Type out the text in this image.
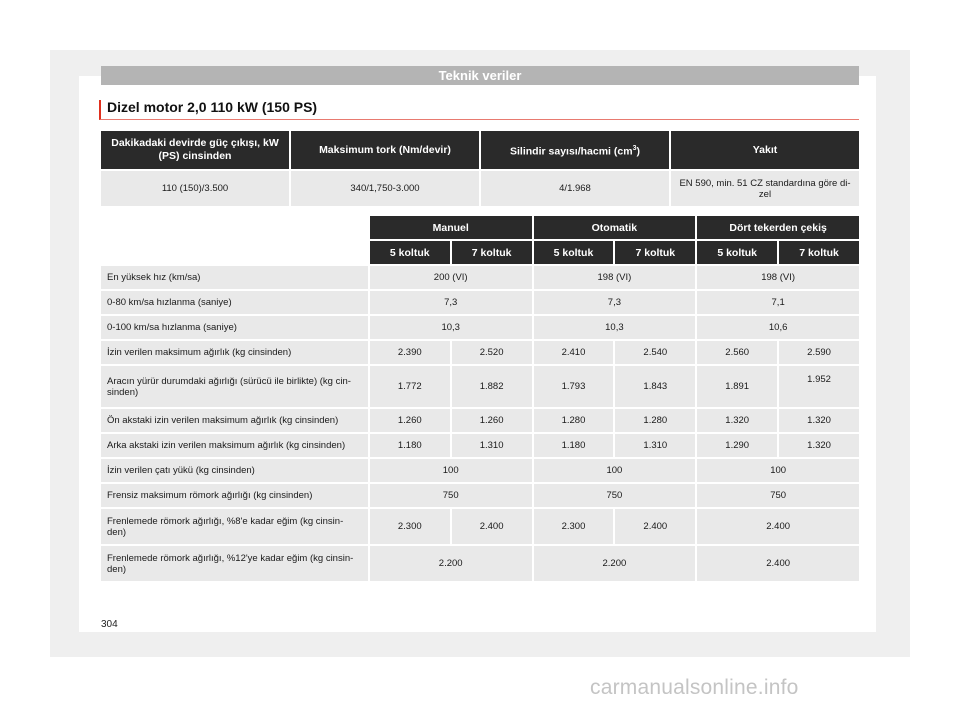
Teknik veriler
Dizel motor 2,0 110 kW (150 PS)
Dakikadaki devirde güç çıkışı, kW (PS) cinsinden	Maksimum tork (Nm/devir)	Silindir sayısı/hacmi $(cm^3)$	Yakıt
110 (150)/3.500	340/1,750-3.000	4/1.968	EN 590, min. 51 CZ standardına göre di- zel
	Manuel		Otomatik		Dört tekerden çekiş	
	5 koltuk	7 koltuk	5 koltuk	7 koltuk	5 koltuk	7 koltuk
En yüksek hız (km/sa)	200 (VI)		198 (VI)		198 (VI)	
0-80 km/sa hızlanma (saniye)	7,3		7,3		7,1	
0-100 km/sa hızlanma (saniye)	10,3		10,3		10,6	
İzin verilen maksimum ağırlık (kg cinsinden)	2.390	2.520	2.410	2.540	2.560	2.590
Aracın yürür durumdaki ağırlığı (sürücü ile birlikte) (kg cin- sinden)	1.772	1.882	1.793	1.843	1.891	1.952
Ön akstaki izin verilen maksimum ağırlık (kg cinsinden)	1.260	1.260	1.280	1.280	1.320	1.320
Arka akstaki izin verilen maksimum ağırlık (kg cinsinden)	1.180	1.310	1.180	1.310	1.290	1.320
İzin verilen çatı yükü (kg cinsinden)	100		100		100	
Frensiz maksimum römork ağırlığı (kg cinsinden)	750		750		750	
Frenlemede römork ağırlığı, %8'e kadar eğim (kg cinsin- den)	2.300	2.400	2.300	2.400	2.400	
Frenlemede römork ağırlığı, %12'ye kadar eğim (kg cinsin- den)	2.200		2.200		2.400	
304
carmanualsonline.info
